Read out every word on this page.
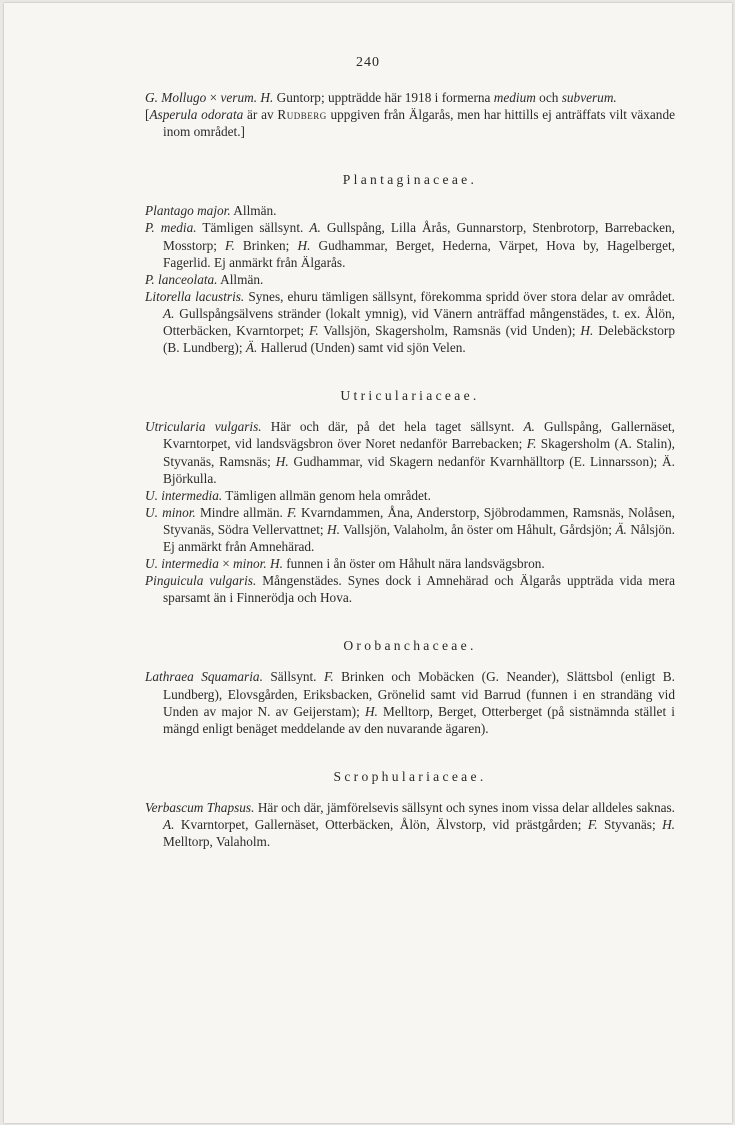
240

G. Mollugo × verum. H. Guntorp; uppträdde här 1918 i formerna medium och subverum.

[Asperula odorata är av Rudberg uppgiven från Älgarås, men har hittills ej anträffats vilt växande inom området.]

Plantaginaceae.

Plantago major. Allmän.

P. media. Tämligen sällsynt. A. Gullspång, Lilla Årås, Gunnarstorp, Stenbrotorp, Barrebacken, Mosstorp; F. Brinken; H. Gudhammar, Berget, Hederna, Värpet, Hova by, Hagelberget, Fagerlid. Ej anmärkt från Älgarås.

P. lanceolata. Allmän.

Litorella lacustris. Synes, ehuru tämligen sällsynt, förekomma spridd över stora delar av området. A. Gullspångsälvens stränder (lokalt ymnig), vid Vänern anträffad mångenstädes, t. ex. Ålön, Otterbäcken, Kvarntorpet; F. Vallsjön, Skagersholm, Ramsnäs (vid Unden); H. Delebäckstorp (B. Lundberg); Ä. Hallerud (Unden) samt vid sjön Velen.

Utriculariaceae.

Utricularia vulgaris. Här och där, på det hela taget sällsynt. A. Gullspång, Gallernäset, Kvarntorpet, vid landsvägsbron över Noret nedanför Barrebacken; F. Skagersholm (A. Stalin), Styvanäs, Ramsnäs; H. Gudhammar, vid Skagern nedanför Kvarnhälltorp (E. Linnarsson); Ä. Björkulla.

U. intermedia. Tämligen allmän genom hela området.

U. minor. Mindre allmän. F. Kvarndammen, Åna, Anderstorp, Sjöbrodammen, Ramsnäs, Nolåsen, Styvanäs, Södra Vellervattnet; H. Vallsjön, Valaholm, ån öster om Håhult, Gårdsjön; Ä. Nålsjön. Ej anmärkt från Amnehärad.

U. intermedia × minor. H. funnen i ån öster om Håhult nära landsvägsbron.

Pinguicula vulgaris. Mångenstädes. Synes dock i Amnehärad och Älgarås uppträda vida mera sparsamt än i Finnerödja och Hova.

Orobanchaceae.

Lathraea Squamaria. Sällsynt. F. Brinken och Mobäcken (G. Neander), Slättsbol (enligt B. Lundberg), Elovsgården, Eriksbacken, Grönelid samt vid Barrud (funnen i en strandäng vid Unden av major N. av Geijerstam); H. Melltorp, Berget, Otterberget (på sistnämnda stället i mängd enligt benäget meddelande av den nuvarande ägaren).

Scrophulariaceae.

Verbascum Thapsus. Här och där, jämförelsevis sällsynt och synes inom vissa delar alldeles saknas. A. Kvarntorpet, Gallernäset, Otterbäcken, Ålön, Älvstorp, vid prästgården; F. Styvanäs; H. Melltorp, Valaholm.
